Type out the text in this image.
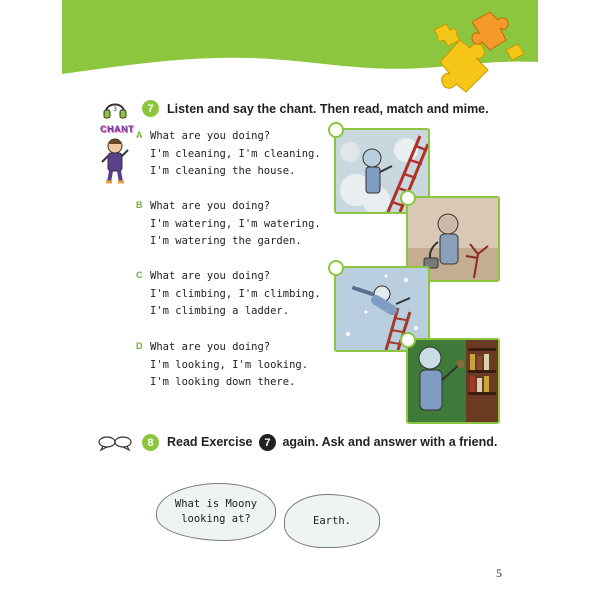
3
CHANT
7	Listen and say the chant. Then read, match and mime.
A What are you doing?
I'm cleaning, I'm cleaning.
I'm cleaning the house.
B What are you doing?
I'm watering, I'm watering.
I'm watering the garden.
C What are you doing?
I'm climbing, I'm climbing.
I'm climbing a ladder.
D What are you doing?
I'm looking, I'm looking.
I'm looking down there.
8	Read Exercise 7 again. Ask and answer with a friend.
What is Moony looking at?	Earth.
5
